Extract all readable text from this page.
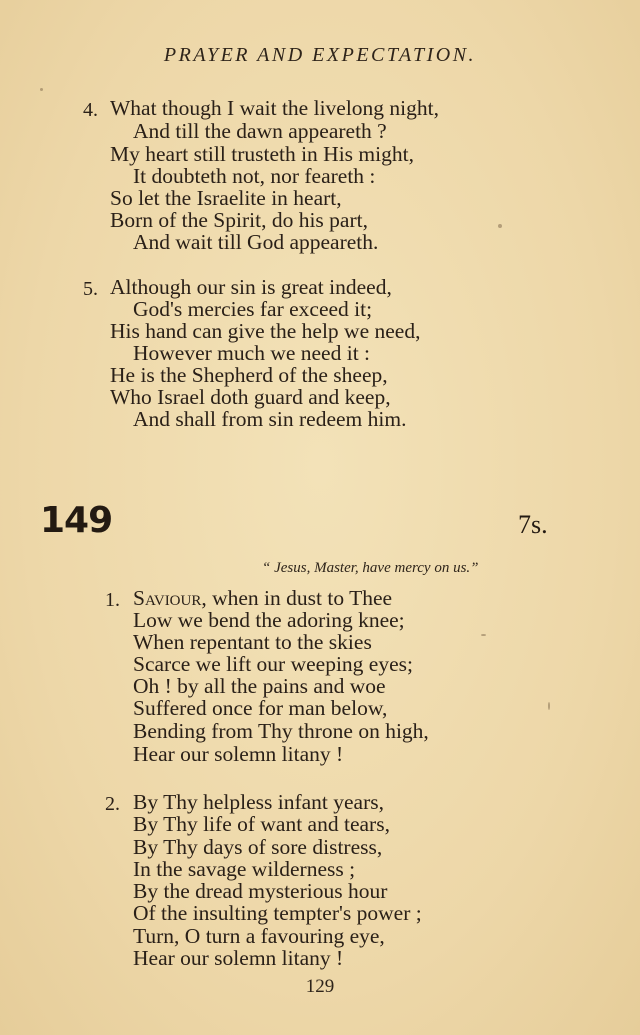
PRAYER AND EXPECTATION.
4. What though I wait the livelong night,
And till the dawn appeareth ?
My heart still trusteth in His might,
It doubteth not, nor feareth :
So let the Israelite in heart,
Born of the Spirit, do his part,
And wait till God appeareth.
5. Although our sin is great indeed,
God's mercies far exceed it;
His hand can give the help we need,
However much we need it :
He is the Shepherd of the sheep,
Who Israel doth guard and keep,
And shall from sin redeem him.
149	7s.
“ Jesus, Master, have mercy on us.”
1. Saviour, when in dust to Thee
Low we bend the adoring knee;
When repentant to the skies
Scarce we lift our weeping eyes;
Oh ! by all the pains and woe
Suffered once for man below,
Bending from Thy throne on high,
Hear our solemn litany !
2. By Thy helpless infant years,
By Thy life of want and tears,
By Thy days of sore distress,
In the savage wilderness ;
By the dread mysterious hour
Of the insulting tempter's power ;
Turn, O turn a favouring eye,
Hear our solemn litany !
129
